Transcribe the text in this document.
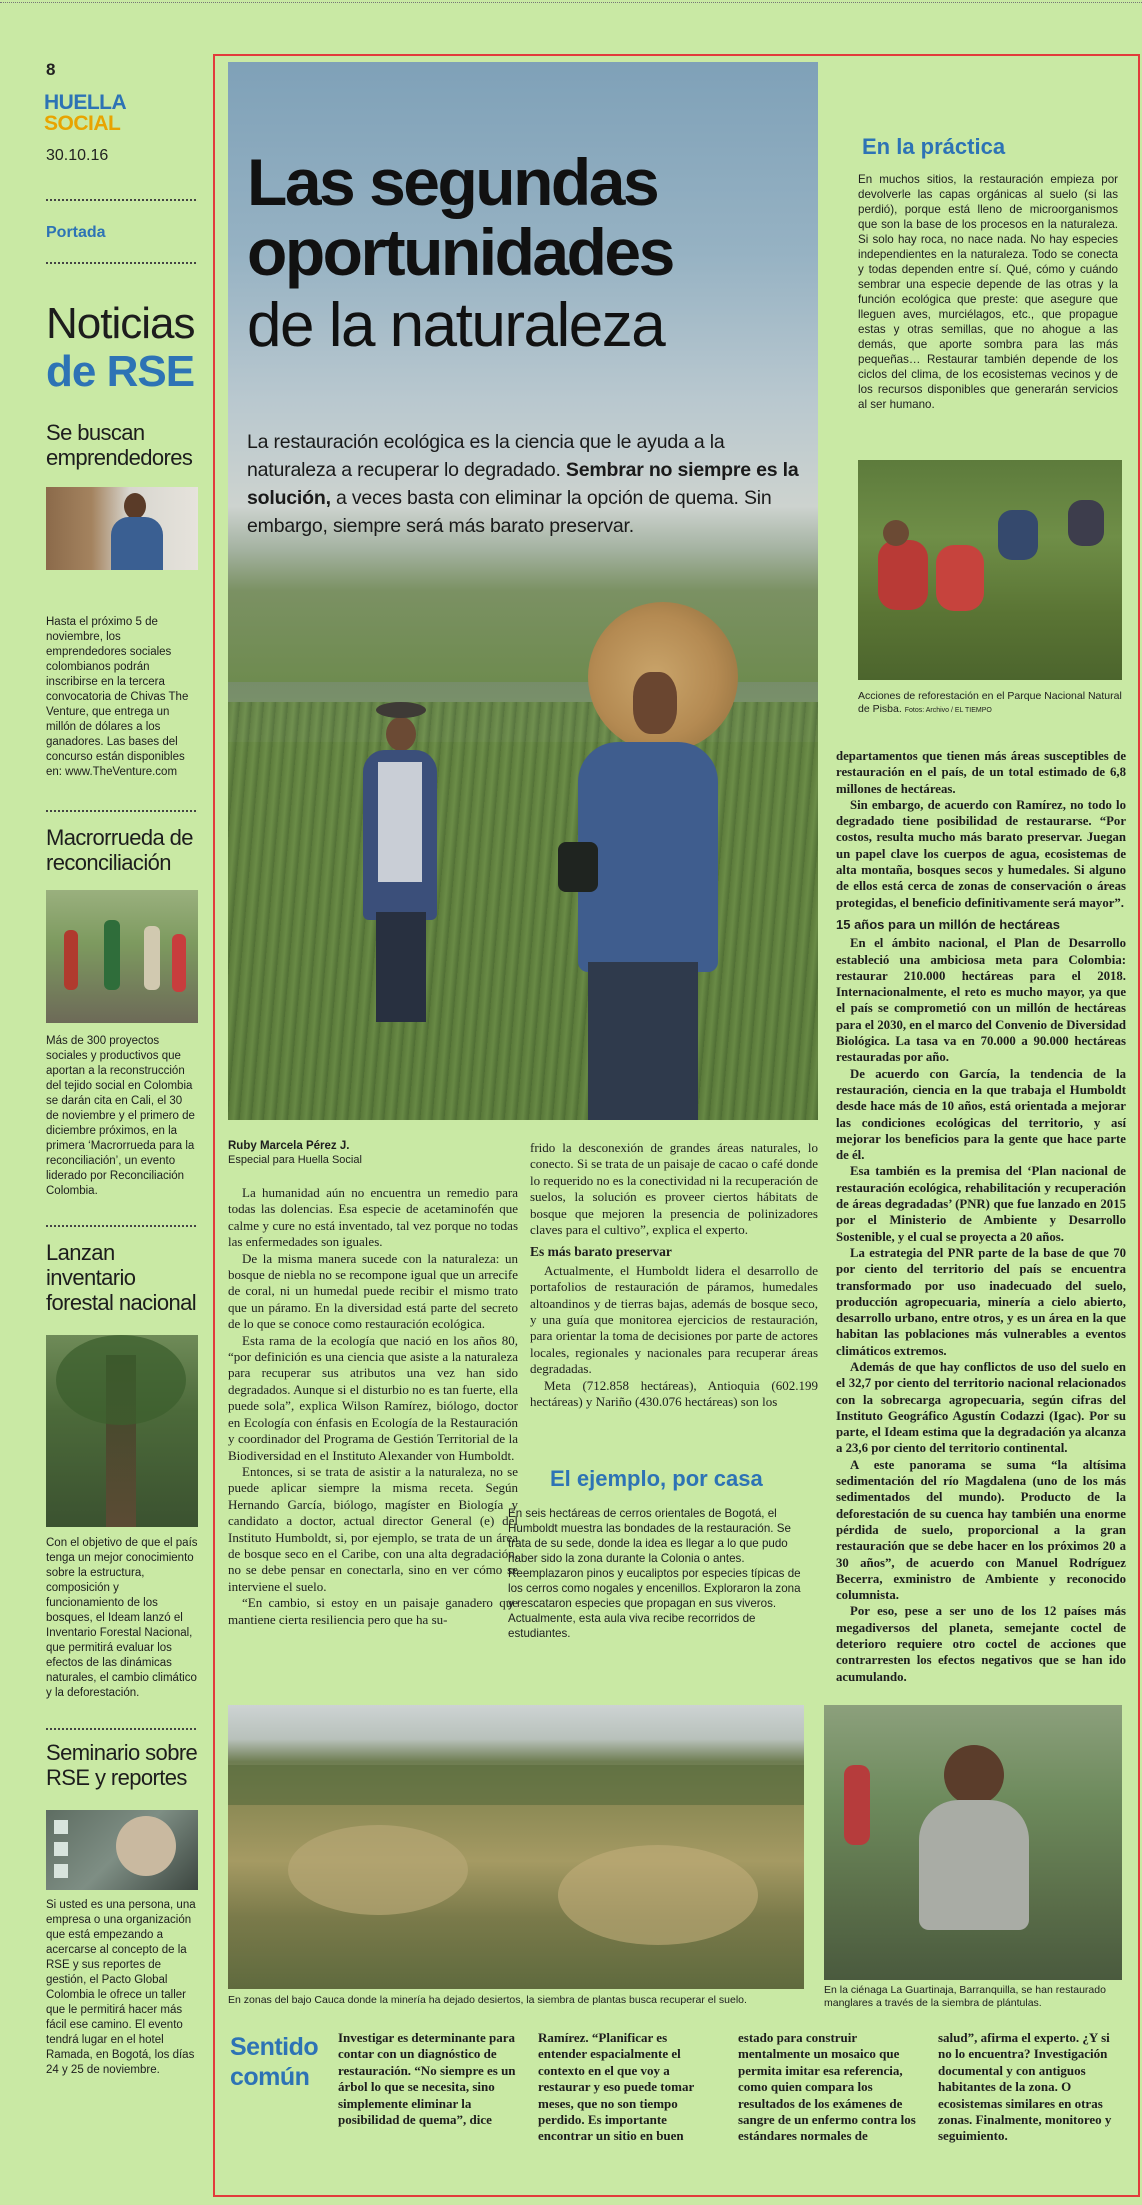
8
HUELLA
SOCIAL
30.10.16
Portada
Noticias
de RSE
Se buscan emprendedores
Hasta el próximo 5 de noviembre, los emprendedores sociales colombianos podrán inscribirse en la tercera convocatoria de Chivas The Venture, que entrega un millón de dólares a los ganadores. Las bases del concurso están disponibles en: www.TheVenture.com
Macrorrueda de reconciliación
Más de 300 proyectos sociales y productivos que aportan a la reconstrucción del tejido social en Colombia se darán cita en Cali, el 30 de noviembre y el primero de diciembre próximos, en la primera ‘Macrorrueda para la reconciliación’, un evento liderado por Reconciliación Colombia.
Lanzan inventario forestal nacional
Con el objetivo de que el país tenga un mejor conocimiento sobre la estructura, composición y funcionamiento de los bosques, el Ideam lanzó el Inventario Forestal Nacional, que permitirá evaluar los efectos de las dinámicas naturales, el cambio climático y la deforestación.
Seminario sobre RSE y reportes
Si usted es una persona, una empresa o una organización que está empezando a acercarse al concepto de la RSE y sus reportes de gestión, el Pacto Global Colombia le ofrece un taller que le permitirá hacer más fácil ese camino. El evento tendrá lugar en el hotel Ramada, en Bogotá, los días 24 y 25 de noviembre.
Las segundas
oportunidades
de la naturaleza
La restauración ecológica es la ciencia que le ayuda a la naturaleza a recuperar lo degradado. Sembrar no siempre es la solución, a veces basta con eliminar la opción de quema. Sin embargo, siempre será más barato preservar.
En la práctica
En muchos sitios, la restauración empieza por devolverle las capas orgánicas al suelo (si las perdió), porque está lleno de microorganismos que son la base de los procesos en la naturaleza. Si solo hay roca, no nace nada. No hay especies independientes en la naturaleza. Todo se conecta y todas dependen entre sí. Qué, cómo y cuándo sembrar una especie depende de las otras y la función ecológica que preste: que asegure que lleguen aves, murciélagos, etc., que propague estas y otras semillas, que no ahogue a las demás, que aporte sombra para las más pequeñas… Restaurar también depende de los ciclos del clima, de los ecosistemas vecinos y de los recursos disponibles que generarán servicios al ser humano.
Acciones de reforestación en el Parque Nacional Natural de Pisba. Fotos: Archivo / EL TIEMPO
Ruby Marcela Pérez J.
Especial para Huella Social

La humanidad aún no encuentra un remedio para todas las dolencias. Esa especie de acetaminofén que calme y cure no está inventado, tal vez porque no todas las enfermedades son iguales.

De la misma manera sucede con la naturaleza: un bosque de niebla no se recompone igual que un arrecife de coral, ni un humedal puede recibir el mismo trato que un páramo. En la diversidad está parte del secreto de lo que se conoce como restauración ecológica.

Esta rama de la ecología que nació en los años 80, “por definición es una ciencia que asiste a la naturaleza para recuperar sus atributos una vez han sido degradados. Aunque si el disturbio no es tan fuerte, ella puede sola”, explica Wilson Ramírez, biólogo, doctor en Ecología con énfasis en Ecología de la Restauración y coordinador del Programa de Gestión Territorial de la Biodiversidad en el Instituto Alexander von Humboldt.

Entonces, si se trata de asistir a la naturaleza, no se puede aplicar siempre la misma receta. Según Hernando García, biólogo, magíster en Biología y candidato a doctor, actual director General (e) del Instituto Humboldt, si, por ejemplo, se trata de un área de bosque seco en el Caribe, con una alta degradación, no se debe pensar en conectarla, sino en ver cómo se interviene el suelo.

“En cambio, si estoy en un paisaje ganadero que mantiene cierta resiliencia pero que ha su-

frido la desconexión de grandes áreas naturales, lo conecto. Si se trata de un paisaje de cacao o café donde lo requerido no es la conectividad ni la recuperación de suelos, la solución es proveer ciertos hábitats de bosque que mejoren la presencia de polinizadores claves para el cultivo”, explica el experto.

Es más barato preservar

Actualmente, el Humboldt lidera el desarrollo de portafolios de restauración de páramos, humedales altoandinos y de tierras bajas, además de bosque seco, y una guía que monitorea ejercicios de restauración, para orientar la toma de decisiones por parte de actores locales, regionales y nacionales para recuperar áreas degradadas.

Meta (712.858 hectáreas), Antioquia (602.199 hectáreas) y Nariño (430.076 hectáreas) son los

El ejemplo, por casa
En seis hectáreas de cerros orientales de Bogotá, el Humboldt muestra las bondades de la restauración. Se trata de su sede, donde la idea es llegar a lo que pudo haber sido la zona durante la Colonia o antes. Reemplazaron pinos y eucaliptos por especies típicas de los cerros como nogales y encenillos. Exploraron la zona y rescataron especies que propagan en sus viveros. Actualmente, esta aula viva recibe recorridos de estudiantes.

departamentos que tienen más áreas susceptibles de restauración en el país, de un total estimado de 6,8 millones de hectáreas.

Sin embargo, de acuerdo con Ramírez, no todo lo degradado tiene posibilidad de restaurarse. “Por costos, resulta mucho más barato preservar. Juegan un papel clave los cuerpos de agua, ecosistemas de alta montaña, bosques secos y humedales. Si alguno de ellos está cerca de zonas de conservación o áreas protegidas, el beneficio definitivamente será mayor”.

15 años para un millón de hectáreas

En el ámbito nacional, el Plan de Desarrollo estableció una ambiciosa meta para Colombia: restaurar 210.000 hectáreas para el 2018. Internacionalmente, el reto es mucho mayor, ya que el país se comprometió con un millón de hectáreas para el 2030, en el marco del Convenio de Diversidad Biológica. La tasa va en 70.000 a 90.000 hectáreas restauradas por año.

De acuerdo con García, la tendencia de la restauración, ciencia en la que trabaja el Humboldt desde hace más de 10 años, está orientada a mejorar las condiciones ecológicas del territorio, y así mejorar los beneficios para la gente que hace parte de él.

Esa también es la premisa del ‘Plan nacional de restauración ecológica, rehabilitación y recuperación de áreas degradadas’ (PNR) que fue lanzado en 2015 por el Ministerio de Ambiente y Desarrollo Sostenible, y el cual se proyecta a 20 años.

La estrategia del PNR parte de la base de que 70 por ciento del territorio del país se encuentra transformado por uso inadecuado del suelo, producción agropecuaria, minería a cielo abierto, desarrollo urbano, entre otros, y es un área en la que habitan las poblaciones más vulnerables a eventos climáticos extremos.

Además de que hay conflictos de uso del suelo en el 32,7 por ciento del territorio nacional relacionados con la sobrecarga agropecuaria, según cifras del Instituto Geográfico Agustín Codazzi (Igac). Por su parte, el Ideam estima que la degradación ya alcanza a 23,6 por ciento del territorio continental.

A este panorama se suma “la altísima sedimentación del río Magdalena (uno de los más sedimentados del mundo). Producto de la deforestación de su cuenca hay también una enorme pérdida de suelo, proporcional a la gran restauración que se debe hacer en los próximos 20 a 30 años”, de acuerdo con Manuel Rodríguez Becerra, exministro de Ambiente y reconocido columnista.

Por eso, pese a ser uno de los 12 países más megadiversos del planeta, semejante coctel de deterioro requiere otro coctel de acciones que contrarresten los efectos negativos que se han ido acumulando.

En zonas del bajo Cauca donde la minería ha dejado desiertos, la siembra de plantas busca recuperar el suelo.
En la ciénaga La Guartinaja, Barranquilla, se han restaurado manglares a través de la siembra de plántulas.
Sentido
común
Investigar es determinante para contar con un diagnóstico de restauración. “No siempre es un árbol lo que se necesita, sino simplemente eliminar la posibilidad de quema”, dice
Ramírez. “Planificar es entender espacialmente el contexto en el que voy a restaurar y eso puede tomar meses, que no son tiempo perdido. Es importante encontrar un sitio en buen
estado para construir mentalmente un mosaico que permita imitar esa referencia, como quien compara los resultados de los exámenes de sangre de un enfermo contra los estándares normales de
salud”, afirma el experto. ¿Y si no lo encuentra? Investigación documental y con antiguos habitantes de la zona. O ecosistemas similares en otras zonas. Finalmente, monitoreo y seguimiento.
